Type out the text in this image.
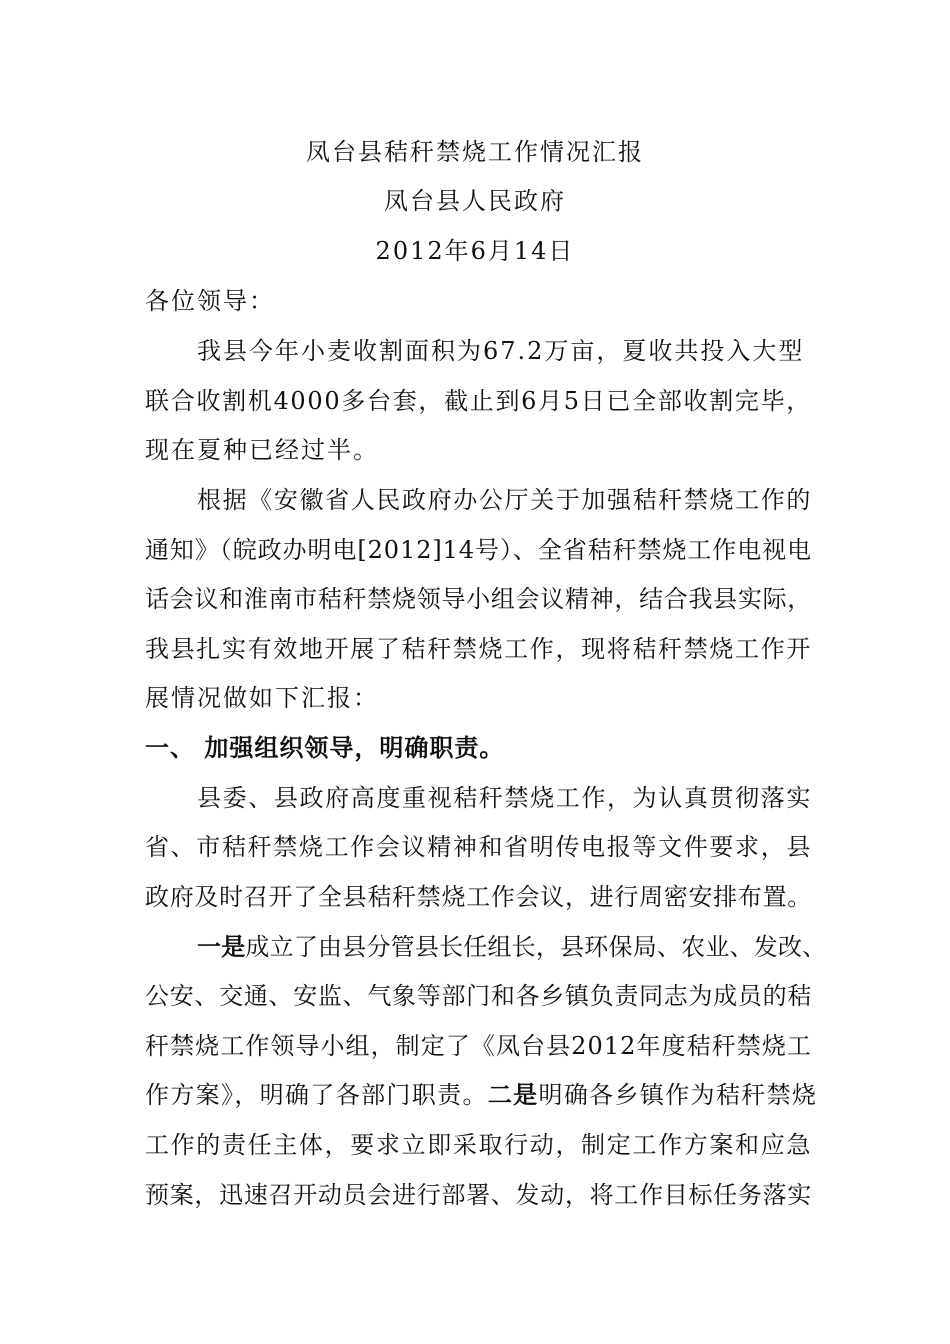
凤台县秸秆禁烧工作情况汇报
凤台县人民政府
2012年6月14日
各位领导：
我县今年小麦收割面积为67.2万亩，夏收共投入大型
联合收割机4000多台套，截止到6月5日已全部收割完毕，
现在夏种已经过半。
根据《安徽省人民政府办公厅关于加强秸秆禁烧工作的
通知》（皖政办明电[2012]14号）、全省秸秆禁烧工作电视电
话会议和淮南市秸秆禁烧领导小组会议精神，结合我县实际，
我县扎实有效地开展了秸秆禁烧工作，现将秸秆禁烧工作开
展情况做如下汇报：
一、 加强组织领导，明确职责。
县委、县政府高度重视秸秆禁烧工作，为认真贯彻落实
省、市秸秆禁烧工作会议精神和省明传电报等文件要求，县
政府及时召开了全县秸秆禁烧工作会议，进行周密安排布置。
一是成立了由县分管县长任组长，县环保局、农业、发改、
公安、交通、安监、气象等部门和各乡镇负责同志为成员的秸
秆禁烧工作领导小组，制定了《凤台县2012年度秸秆禁烧工
作方案》，明确了各部门职责。二是明确各乡镇作为秸秆禁烧
工作的责任主体，要求立即采取行动，制定工作方案和应急
预案，迅速召开动员会进行部署、发动，将工作目标任务落实
